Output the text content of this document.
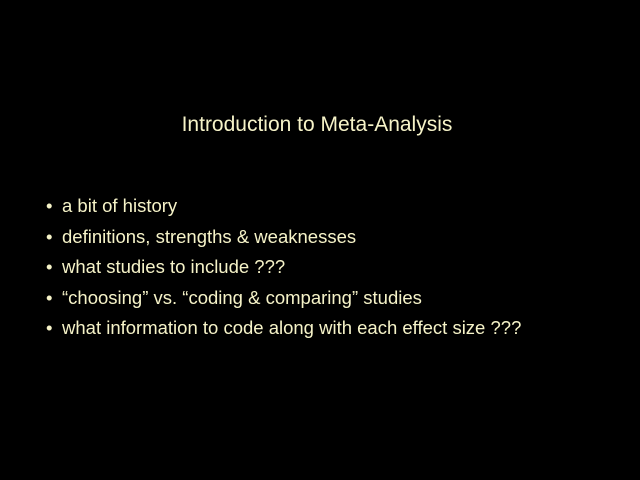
Introduction to Meta-Analysis
• a bit of history
• definitions, strengths & weaknesses
• what studies to include ???
• “choosing” vs. “coding & comparing” studies
• what information to code along with each effect size ???
